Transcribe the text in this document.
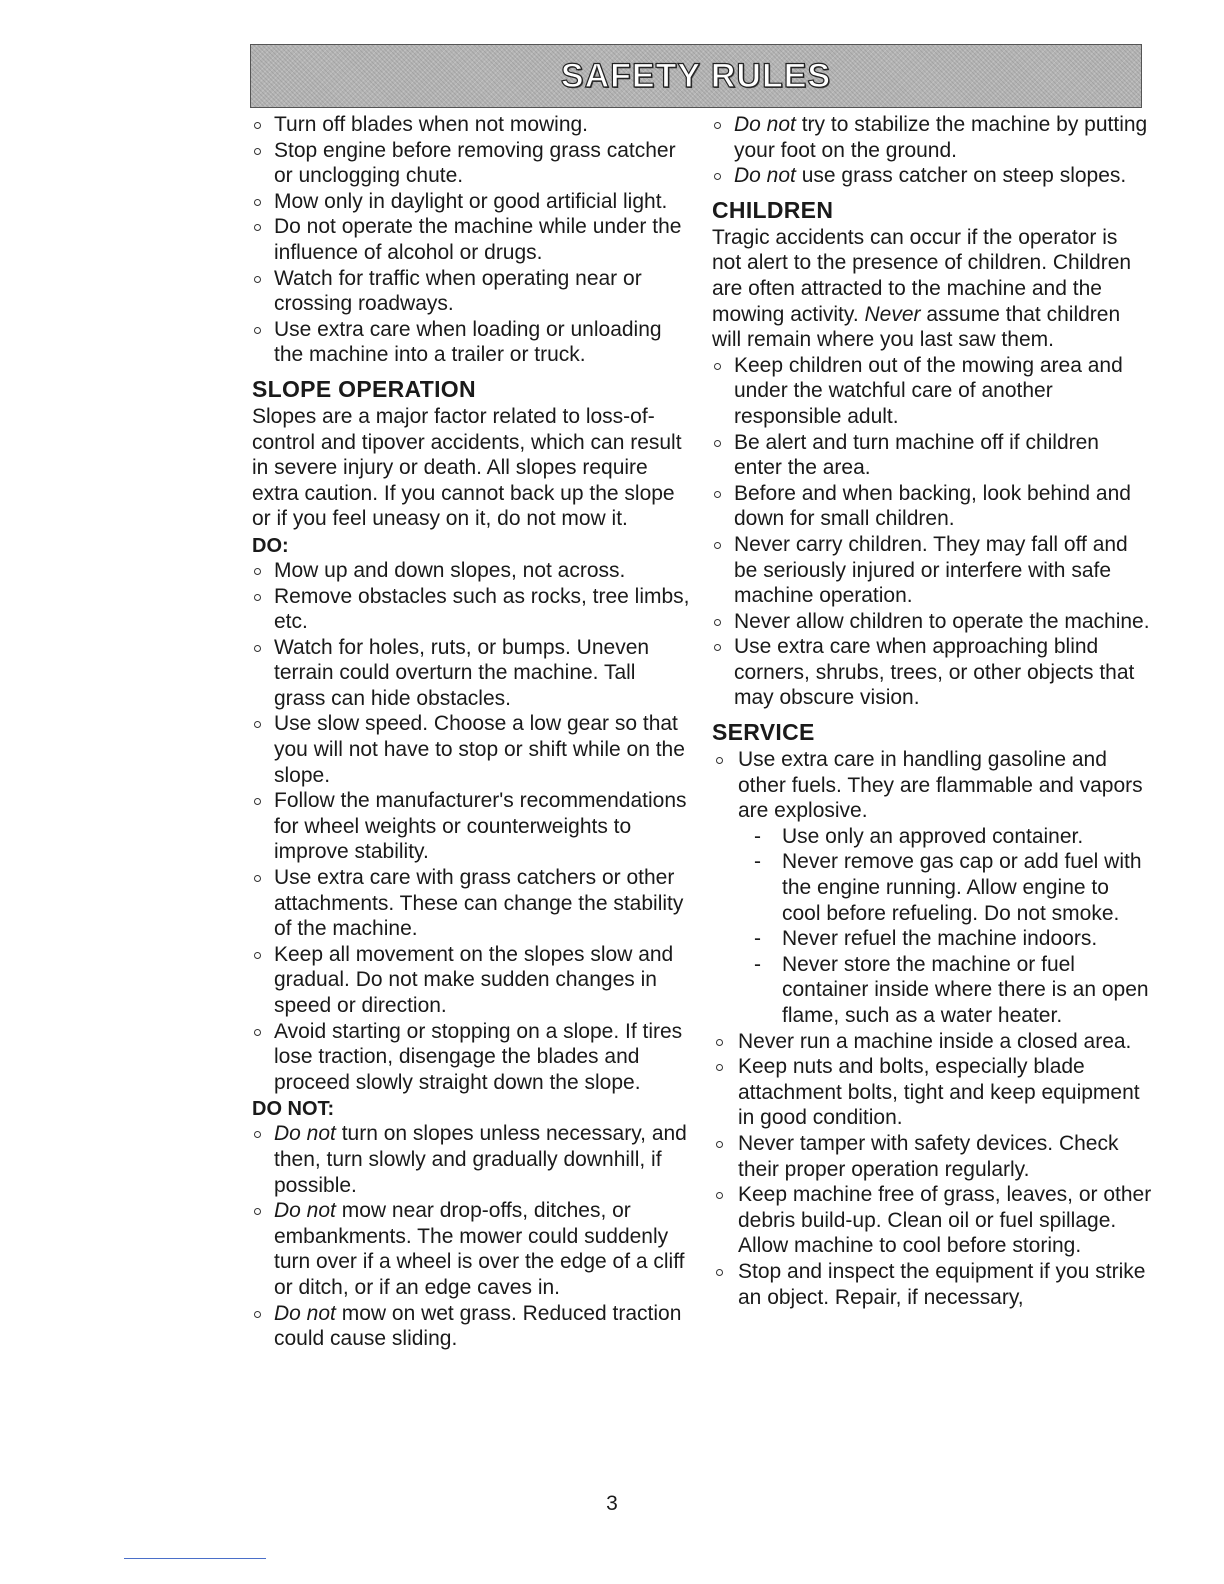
SAFETY RULES

Turn off blades when not mowing.

Stop engine before removing grass catcher or unclogging chute.

Mow only in daylight or good artificial light.

Do not operate the machine while under the influence of alcohol or drugs.

Watch for traffic when operating near or crossing roadways.

Use extra care when loading or unloading the machine into a trailer or truck.

SLOPE OPERATION

Slopes are a major factor related to loss-of-control and tipover accidents, which can result in severe injury or death. All slopes require extra caution. If you cannot back up the slope or if you feel uneasy on it, do not mow it.

DO:

Mow up and down slopes, not across.

Remove obstacles such as rocks, tree limbs, etc.

Watch for holes, ruts, or bumps. Uneven terrain could overturn the machine. Tall grass can hide obstacles.

Use slow speed. Choose a low gear so that you will not have to stop or shift while on the slope.

Follow the manufacturer's recommendations for wheel weights or counterweights to improve stability.

Use extra care with grass catchers or other attachments. These can change the stability of the machine.

Keep all movement on the slopes slow and gradual. Do not make sudden changes in speed or direction.

Avoid starting or stopping on a slope. If tires lose traction, disengage the blades and proceed slowly straight down the slope.

DO NOT:

Do not turn on slopes unless necessary, and then, turn slowly and gradually downhill, if possible.

Do not mow near drop-offs, ditches, or embankments. The mower could suddenly turn over if a wheel is over the edge of a cliff or ditch, or if an edge caves in.

Do not mow on wet grass. Reduced traction could cause sliding.

Do not try to stabilize the machine by putting your foot on the ground.

Do not use grass catcher on steep slopes.

CHILDREN

Tragic accidents can occur if the operator is not alert to the presence of children. Children are often attracted to the machine and the mowing activity. Never assume that children will remain where you last saw them.

Keep children out of the mowing area and under the watchful care of another responsible adult.

Be alert and turn machine off if children enter the area.

Before and when backing, look behind and down for small children.

Never carry children. They may fall off and be seriously injured or interfere with safe machine operation.

Never allow children to operate the machine.

Use extra care when approaching blind corners, shrubs, trees, or other objects that may obscure vision.

SERVICE

Use extra care in handling gasoline and other fuels. They are flammable and vapors are explosive.

- Use only an approved container.

- Never remove gas cap or add fuel with the engine running. Allow engine to cool before refueling. Do not smoke.

- Never refuel the machine indoors.

- Never store the machine or fuel container inside where there is an open flame, such as a water heater.

Never run a machine inside a closed area.

Keep nuts and bolts, especially blade attachment bolts, tight and keep equipment in good condition.

Never tamper with safety devices. Check their proper operation regularly.

Keep machine free of grass, leaves, or other debris build-up. Clean oil or fuel spillage. Allow machine to cool before storing.

Stop and inspect the equipment if you strike an object. Repair, if necessary,

3
